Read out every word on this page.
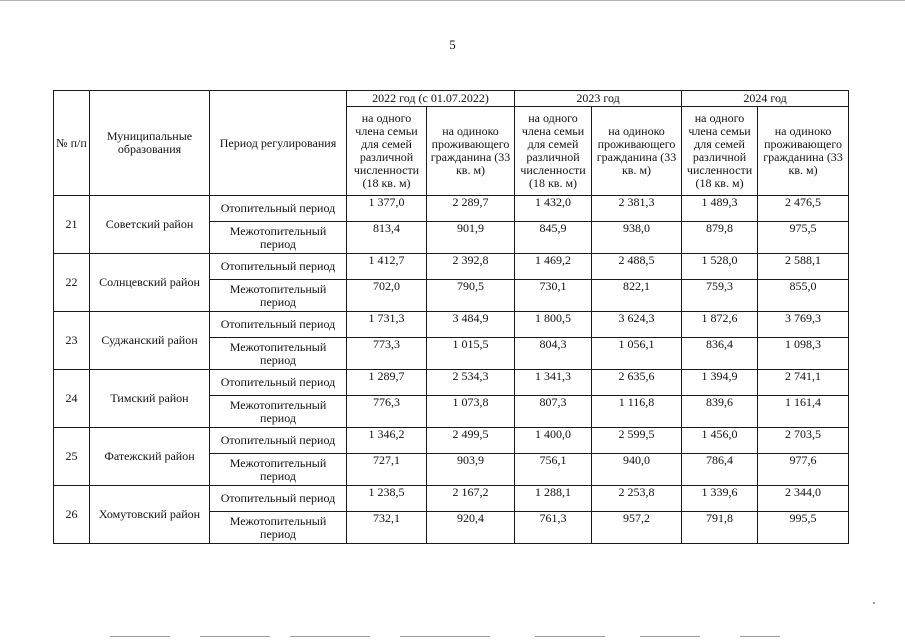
5
№ п/п	Муниципальные образования	Период регулирования	2022 год (с 01.07.2022)		2023 год		2024 год	
			на одного члена семьи для семей различной численности (18 кв. м)	на одиноко проживающего гражданина (33 кв. м)	на одного члена семьи для семей различной численности (18 кв. м)	на одиноко проживающего гражданина (33 кв. м)	на одного члена семьи для семей различной численности (18 кв. м)	на одиноко проживающего гражданина (33 кв. м)
21	Советский район	Отопительный период	1 377,0	2 289,7	1 432,0	2 381,3	1 489,3	2 476,5
		Межотопительный период	813,4	901,9	845,9	938,0	879,8	975,5
22	Солнцевский район	Отопительный период	1 412,7	2 392,8	1 469,2	2 488,5	1 528,0	2 588,1
		Межотопительный период	702,0	790,5	730,1	822,1	759,3	855,0
23	Суджанский район	Отопительный период	1 731,3	3 484,9	1 800,5	3 624,3	1 872,6	3 769,3
		Межотопительный период	773,3	1 015,5	804,3	1 056,1	836,4	1 098,3
24	Тимский район	Отопительный период	1 289,7	2 534,3	1 341,3	2 635,6	1 394,9	2 741,1
		Межотопительный период	776,3	1 073,8	807,3	1 116,8	839,6	1 161,4
25	Фатежский район	Отопительный период	1 346,2	2 499,5	1 400,0	2 599,5	1 456,0	2 703,5
		Межотопительный период	727,1	903,9	756,1	940,0	786,4	977,6
26	Хомутовский район	Отопительный период	1 238,5	2 167,2	1 288,1	2 253,8	1 339,6	2 344,0
		Межотопительный период	732,1	920,4	761,3	957,2	791,8	995,5
